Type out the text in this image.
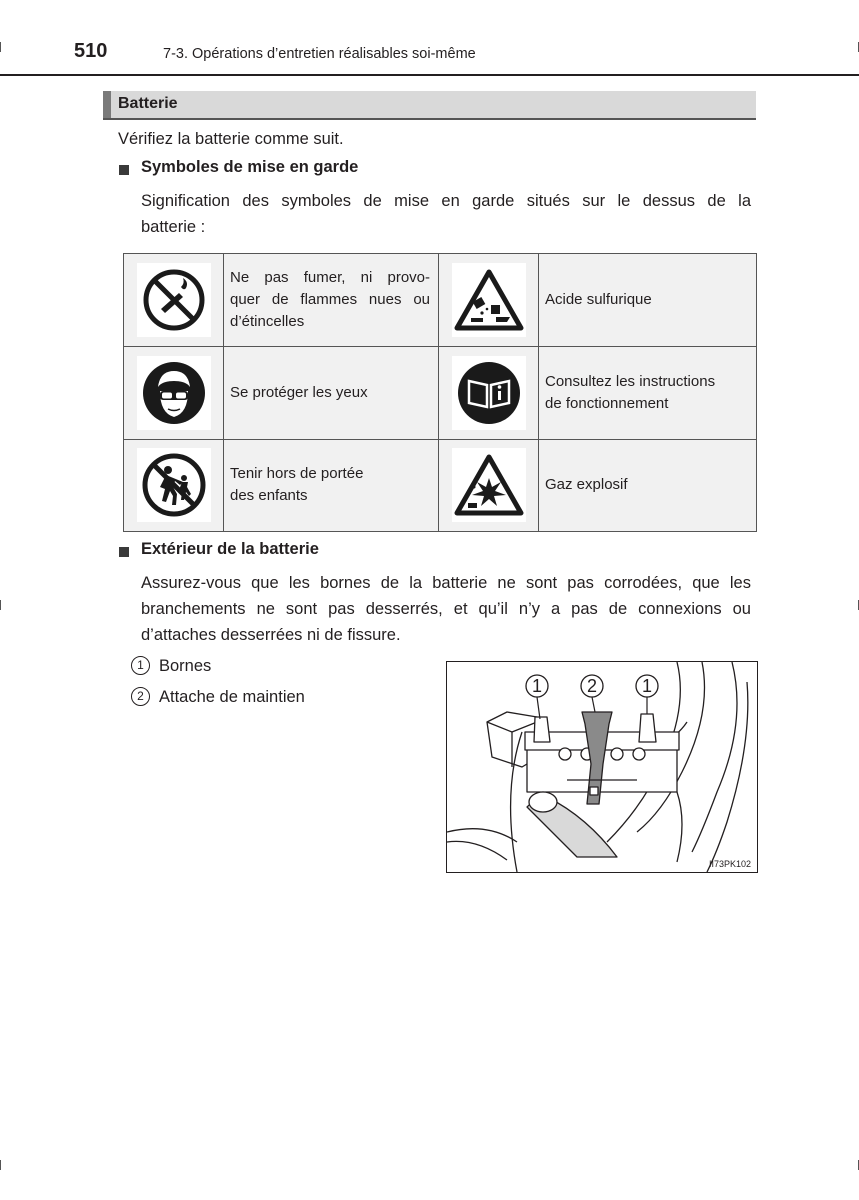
510	7-3. Opérations d’entretien réalisables soi-même
Batterie
Vérifiez la batterie comme suit.
Symboles de mise en garde
Signification des symboles de mise en garde situés sur le dessus de la
batterie :

Ne pas fumer, ni provo-
quer de flammes nues ou
d’étincelles		Acide sulfurique

Se protéger les yeux		Consultez les instructions
de fonctionnement

Tenir hors de portée
des enfants		Gaz explosif
Extérieur de la batterie
Assurez-vous que les bornes de la batterie ne sont pas corrodées, que les
branchements ne sont pas desserrés, et qu’il n’y a pas de connexions ou
d’attaches desserrées ni de fissure.
1 Bornes
2 Attache de maintien
1 2 1
II73PK102
